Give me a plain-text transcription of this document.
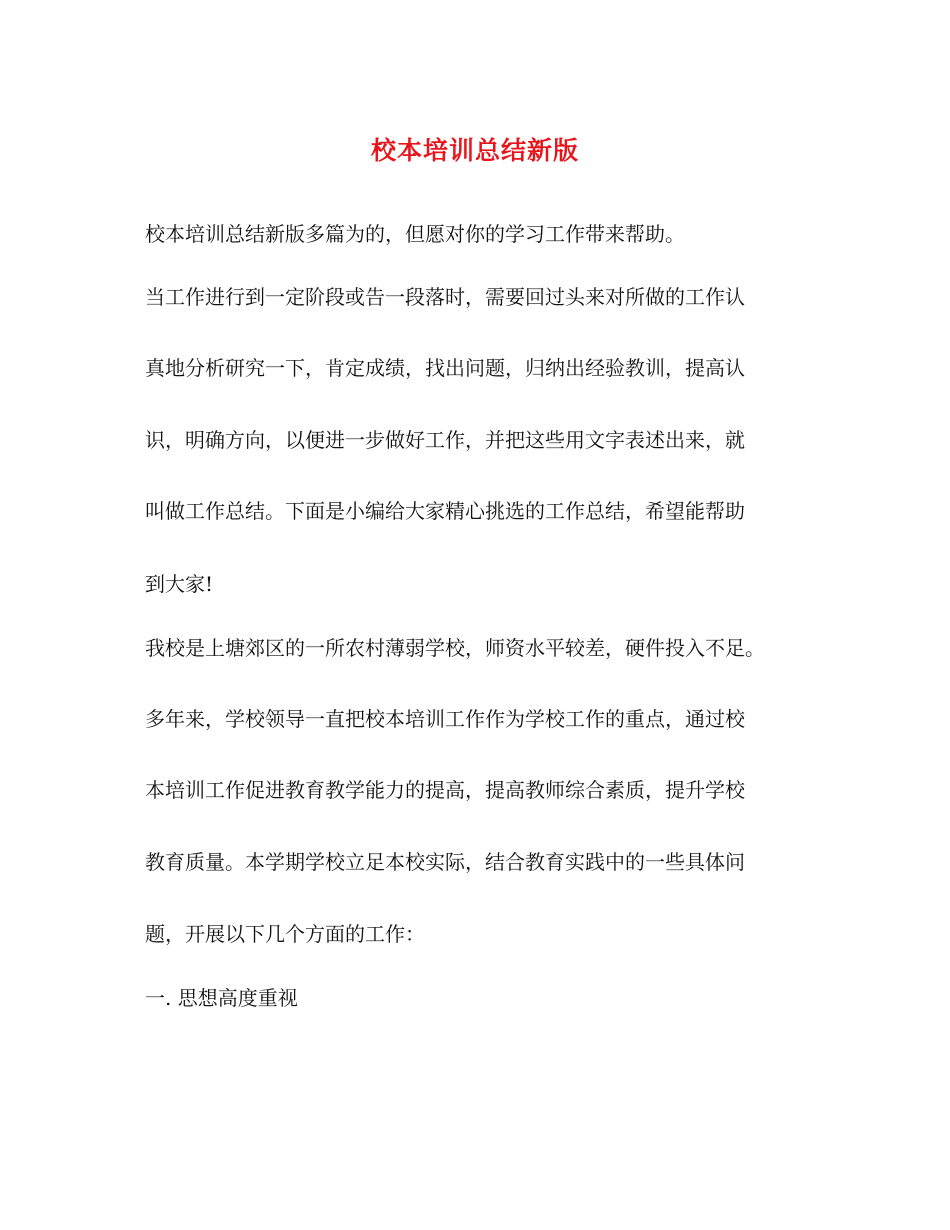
校本培训总结新版
校本培训总结新版多篇为的，但愿对你的学习工作带来帮助。
当工作进行到一定阶段或告一段落时，需要回过头来对所做的工作认
真地分析研究一下，肯定成绩，找出问题，归纳出经验教训，提高认
识，明确方向，以便进一步做好工作，并把这些用文字表述出来，就
叫做工作总结。下面是小编给大家精心挑选的工作总结，希望能帮助
到大家!
我校是上塘郊区的一所农村薄弱学校，师资水平较差，硬件投入不足。
多年来，学校领导一直把校本培训工作作为学校工作的重点，通过校
本培训工作促进教育教学能力的提高，提高教师综合素质，提升学校
教育质量。本学期学校立足本校实际，结合教育实践中的一些具体问
题，开展以下几个方面的工作：
一. 思想高度重视
